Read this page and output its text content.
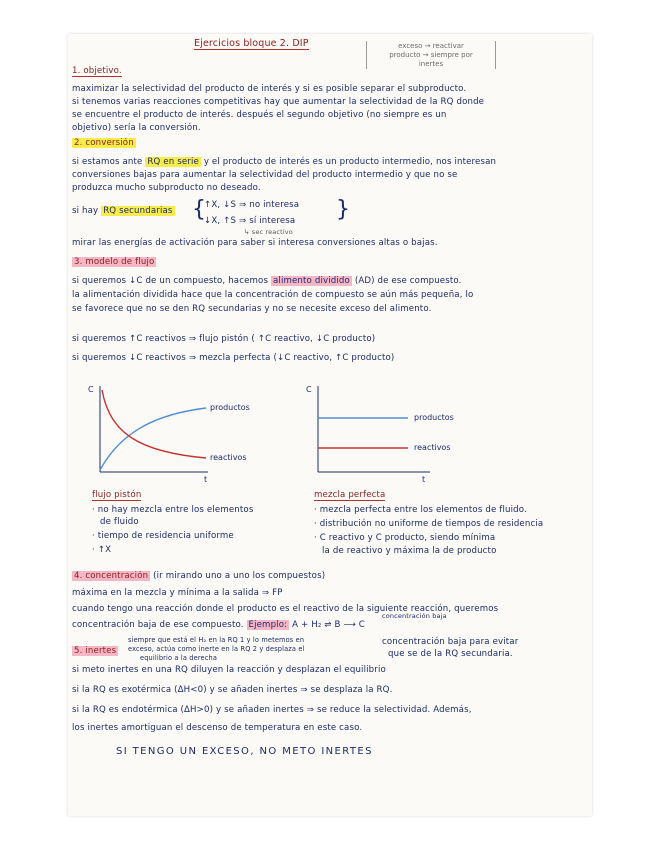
Ejercicios bloque 2. DIP	exceso → reactivar
producto → siempre por
inertes
1. objetivo.
maximizar la selectividad del producto de interés y si es posible separar el subproducto.
si tenemos varias reacciones competitivas hay que aumentar la selectividad de la RQ donde
se encuentre el producto de interés. después el segundo objetivo (no siempre es un
objetivo) sería la conversión.
2. conversión
si estamos ante RQ en serie y el producto de interés es un producto intermedio, nos interesan
conversiones bajas para aumentar la selectividad del producto intermedio y que no se
produzca mucho subproducto no deseado.
si hay RQ secundarias {
↑X, ↓S ⇒ no interesa
↓X, ↑S ⇒ sí interesa }
↳ sec reactivo
mirar las energías de activación para saber si interesa conversiones altas o bajas.
3. modelo de flujo
si queremos ↓C de un compuesto, hacemos alimento dividido (AD) de ese compuesto.
la alimentación dividida hace que la concentración de compuesto se aún más pequeña, lo
se favorece que no se den RQ secundarias y no se necesite exceso del alimento.
si queremos ↑C reactivos ⇒ flujo pistón ( ↑C reactivo, ↓C producto)
si queremos ↓C reactivos ⇒ mezcla perfecta (↓C reactivo, ↑C producto)
C
t
productos
reactivos
C
t
productos
reactivos
flujo pistón
· no hay mezcla entre los elementos
de fluido
· tiempo de residencia uniforme
· ↑X
mezcla perfecta
· mezcla perfecta entre los elementos de fluido.
· distribución no uniforme de tiempos de residencia
· C reactivo y C producto, siendo mínima
la de reactivo y máxima la de producto
4. concentración (ir mirando uno a uno los compuestos)
máxima en la mezcla y mínima a la salida ⇒ FP
cuando tengo una reacción donde el producto es el reactivo de la siguiente reacción, queremos
concentración baja
concentración baja de ese compuesto. Ejemplo: A + H₂ ⇌ B ⟶ C
5. inertes
siempre que está el H₂ en la RQ 1 y lo metemos en
exceso, actúa como inerte en la RQ 2 y desplaza el
equilibrio a la derecha
concentración baja para evitar
que se de la RQ secundaria.
si meto inertes en una RQ diluyen la reacción y desplazan el equilibrio
si la RQ es exotérmica (ΔH<0) y se añaden inertes ⇒ se desplaza la RQ.
si la RQ es endotérmica (ΔH>0) y se añaden inertes ⇒ se reduce la selectividad. Además,
los inertes amortiguan el descenso de temperatura en este caso.
SI TENGO UN EXCESO, NO METO INERTES
